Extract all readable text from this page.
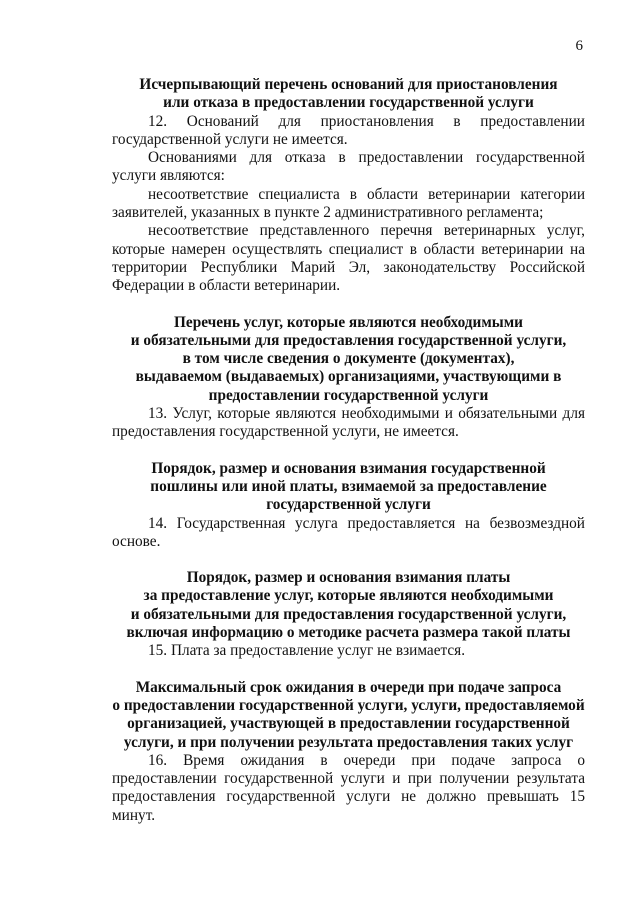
6
Исчерпывающий перечень оснований для приостановления
или отказа в предоставлении государственной услуги
12. Оснований для приостановления в предоставлении государственной услуги не имеется.
Основаниями для отказа в предоставлении государственной услуги являются:
несоответствие специалиста в области ветеринарии категории заявителей, указанных в пункте 2 административного регламента;
несоответствие представленного перечня ветеринарных услуг, которые намерен осуществлять специалист в области ветеринарии на территории Республики Марий Эл, законодательству Российской Федерации в области ветеринарии.
Перечень услуг, которые являются необходимыми
и обязательными для предоставления государственной услуги,
в том числе сведения о документе (документах),
выдаваемом (выдаваемых) организациями, участвующими в
предоставлении государственной услуги
13. Услуг, которые являются необходимыми и обязательными для предоставления государственной услуги, не имеется.
Порядок, размер и основания взимания государственной
пошлины или иной платы, взимаемой за предоставление
государственной услуги
14. Государственная услуга предоставляется на безвозмездной основе.
Порядок, размер и основания взимания платы
за предоставление услуг, которые являются необходимыми
и обязательными для предоставления государственной услуги,
включая информацию о методике расчета размера такой платы
15. Плата за предоставление услуг не взимается.
Максимальный срок ожидания в очереди при подаче запроса
о предоставлении государственной услуги, услуги, предоставляемой
организацией, участвующей в предоставлении государственной
услуги, и при получении результата предоставления таких услуг
16. Время ожидания в очереди при подаче запроса о предоставлении государственной услуги и при получении результата предоставления государственной услуги не должно превышать 15 минут.
